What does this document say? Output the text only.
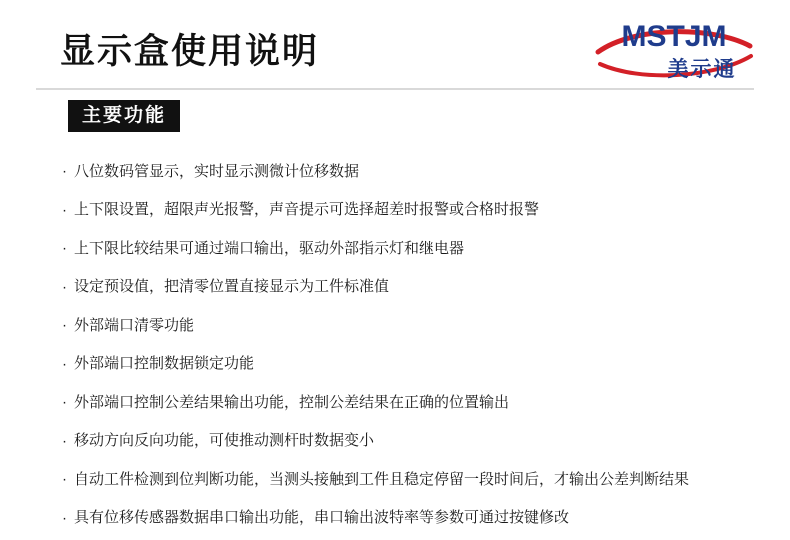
显示盒使用说明	MSTJM
美示通
主要功能
· 八位数码管显示，实时显示测微计位移数据
· 上下限设置，超限声光报警，声音提示可选择超差时报警或合格时报警
· 上下限比较结果可通过端口输出，驱动外部指示灯和继电器
· 设定预设值，把清零位置直接显示为工件标准值
· 外部端口清零功能
· 外部端口控制数据锁定功能
· 外部端口控制公差结果输出功能，控制公差结果在正确的位置输出
· 移动方向反向功能，可使推动测杆时数据变小
· 自动工件检测到位判断功能，当测头接触到工件且稳定停留一段时间后，才输出公差判断结果
· 具有位移传感器数据串口输出功能，串口输出波特率等参数可通过按键修改
